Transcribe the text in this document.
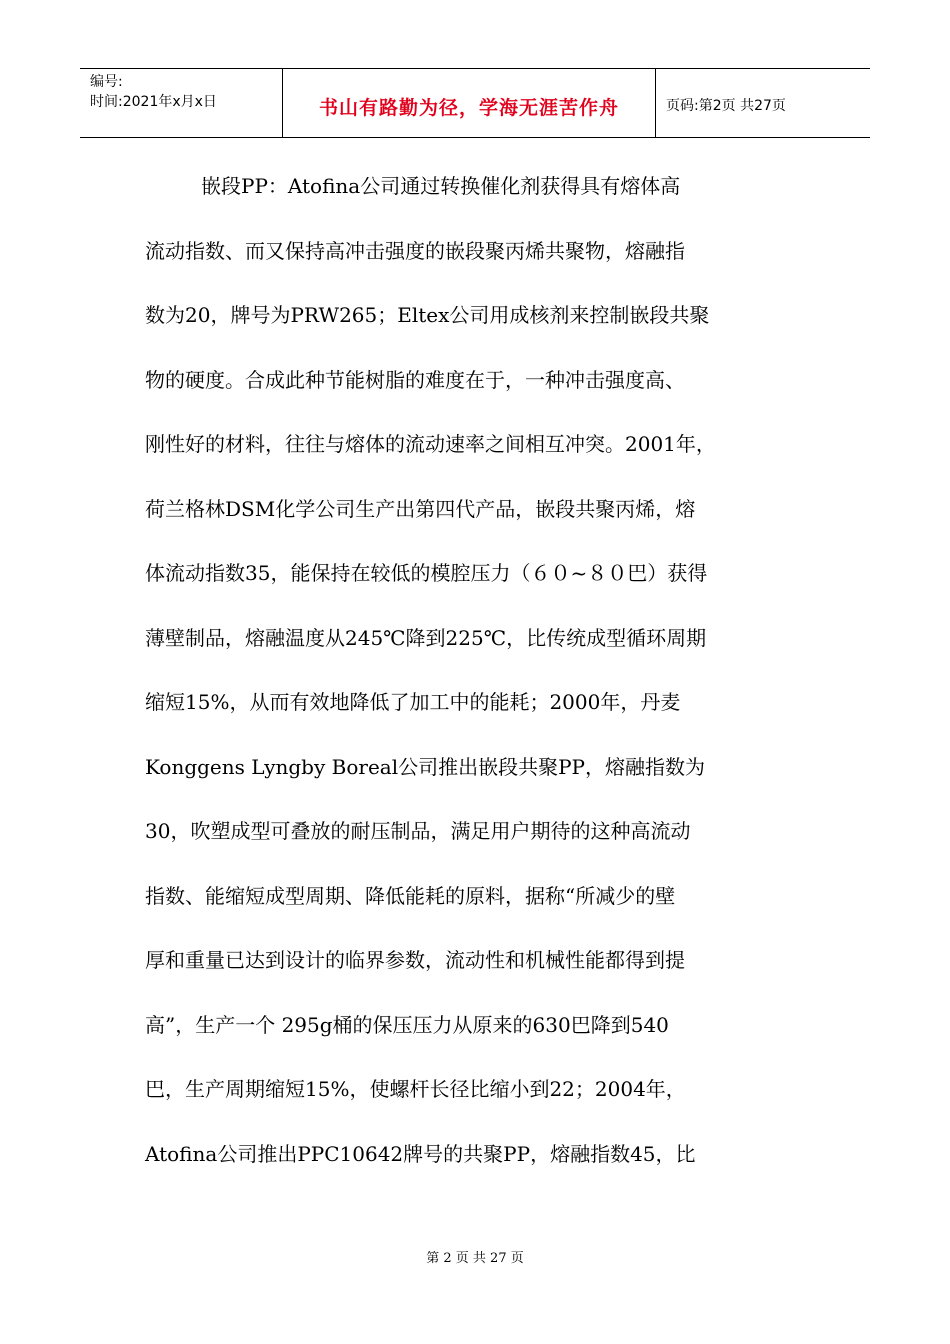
编号:
时间:2021年x月x日	书山有路勤为径，学海无涯苦作舟	页码:第2页 共27页
嵌段PP：Atofina公司通过转换催化剂获得具有熔体高
流动指数、而又保持高冲击强度的嵌段聚丙烯共聚物，熔融指
数为20，牌号为PRW265；Eltex公司用成核剂来控制嵌段共聚
物的硬度。合成此种节能树脂的难度在于，一种冲击强度高、
刚性好的材料，往往与熔体的流动速率之间相互冲突。2001年，
荷兰格林DSM化学公司生产出第四代产品，嵌段共聚丙烯，熔
体流动指数35，能保持在较低的模腔压力（６０~８０巴）获得
薄壁制品，熔融温度从245℃降到225℃，比传统成型循环周期
缩短15%，从而有效地降低了加工中的能耗；2000年，丹麦
Konggens Lyngby Boreal公司推出嵌段共聚PP，熔融指数为
30，吹塑成型可叠放的耐压制品，满足用户期待的这种高流动
指数、能缩短成型周期、降低能耗的原料，据称“所减少的壁
厚和重量已达到设计的临界参数，流动性和机械性能都得到提
高”，生产一个 295g桶的保压压力从原来的630巴降到540
巴，生产周期缩短15%，使螺杆长径比缩小到22；2004年，
Atofina公司推出PPC10642牌号的共聚PP，熔融指数45，比
第 2 页 共 27 页
